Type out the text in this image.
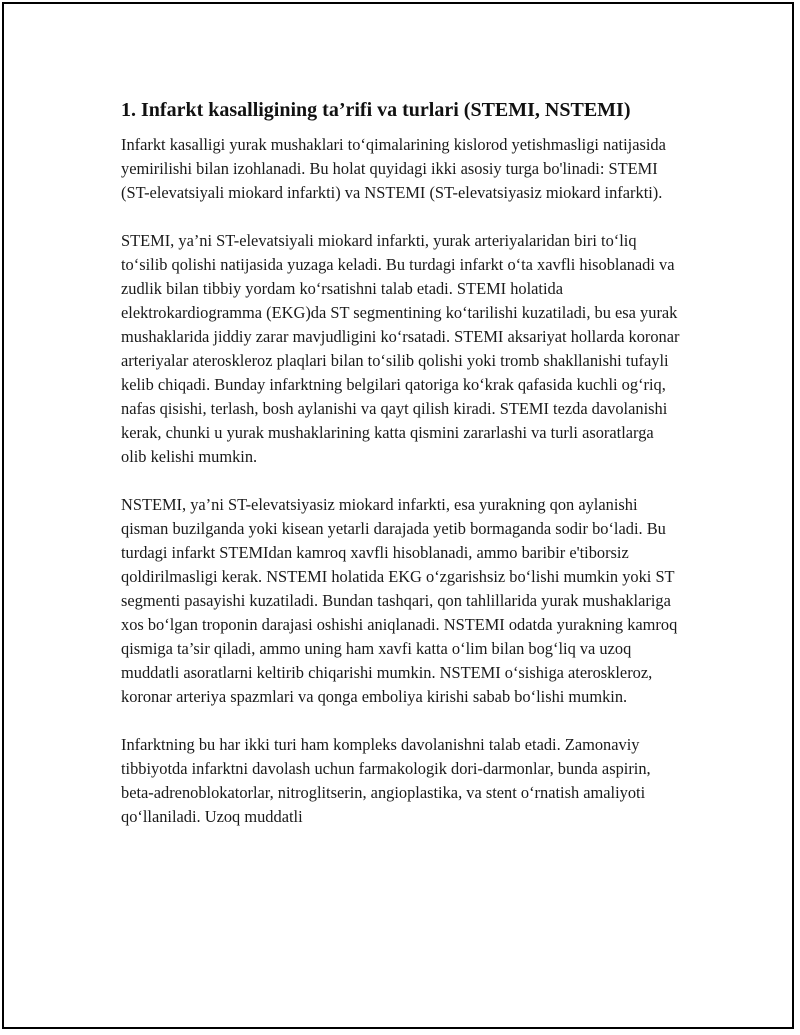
1. Infarkt kasalligining ta’rifi va turlari (STEMI, NSTEMI)

Infarkt kasalligi yurak mushaklari to‘qimalarining kislorod yetishmasligi natijasida yemirilishi bilan izohlanadi. Bu holat quyidagi ikki asosiy turga bo'linadi: STEMI (ST-elevatsiyali miokard infarkti) va NSTEMI (ST-elevatsiyasiz miokard infarkti).

STEMI, ya’ni ST-elevatsiyali miokard infarkti, yurak arteriyalaridan biri to‘liq to‘silib qolishi natijasida yuzaga keladi. Bu turdagi infarkt o‘ta xavfli hisoblanadi va zudlik bilan tibbiy yordam ko‘rsatishni talab etadi. STEMI holatida elektrokardiogramma (EKG)da ST segmentining ko‘tarilishi kuzatiladi, bu esa yurak mushaklarida jiddiy zarar mavjudligini ko‘rsatadi. STEMI aksariyat hollarda koronar arteriyalar ateroskleroz plaqlari bilan to‘silib qolishi yoki tromb shakllanishi tufayli kelib chiqadi. Bunday infarktning belgilari qatoriga ko‘krak qafasida kuchli og‘riq, nafas qisishi, terlash, bosh aylanishi va qayt qilish kiradi. STEMI tezda davolanishi kerak, chunki u yurak mushaklarining katta qismini zararlashi va turli asoratlarga olib kelishi mumkin.

NSTEMI, ya’ni ST-elevatsiyasiz miokard infarkti, esa yurakning qon aylanishi qisman buzilganda yoki kisean yetarli darajada yetib bormaganda sodir bo‘ladi. Bu turdagi infarkt STEMIdan kamroq xavfli hisoblanadi, ammo baribir e'tiborsiz qoldirilmasligi kerak. NSTEMI holatida EKG o‘zgarishsiz bo‘lishi mumkin yoki ST segmenti pasayishi kuzatiladi. Bundan tashqari, qon tahlillarida yurak mushaklariga xos bo‘lgan troponin darajasi oshishi aniqlanadi. NSTEMI odatda yurakning kamroq qismiga ta’sir qiladi, ammo uning ham xavfi katta o‘lim bilan bog‘liq va uzoq muddatli asoratlarni keltirib chiqarishi mumkin. NSTEMI o‘sishiga ateroskleroz, koronar arteriya spazmlari va qonga emboliya kirishi sabab bo‘lishi mumkin.

Infarktning bu har ikki turi ham kompleks davolanishni talab etadi. Zamonaviy tibbiyotda infarktni davolash uchun farmakologik dori-darmonlar, bunda aspirin, beta-adrenoblokatorlar, nitroglitserin, angioplastika, va stent o‘rnatish amaliyoti qo‘llaniladi. Uzoq muddatli
